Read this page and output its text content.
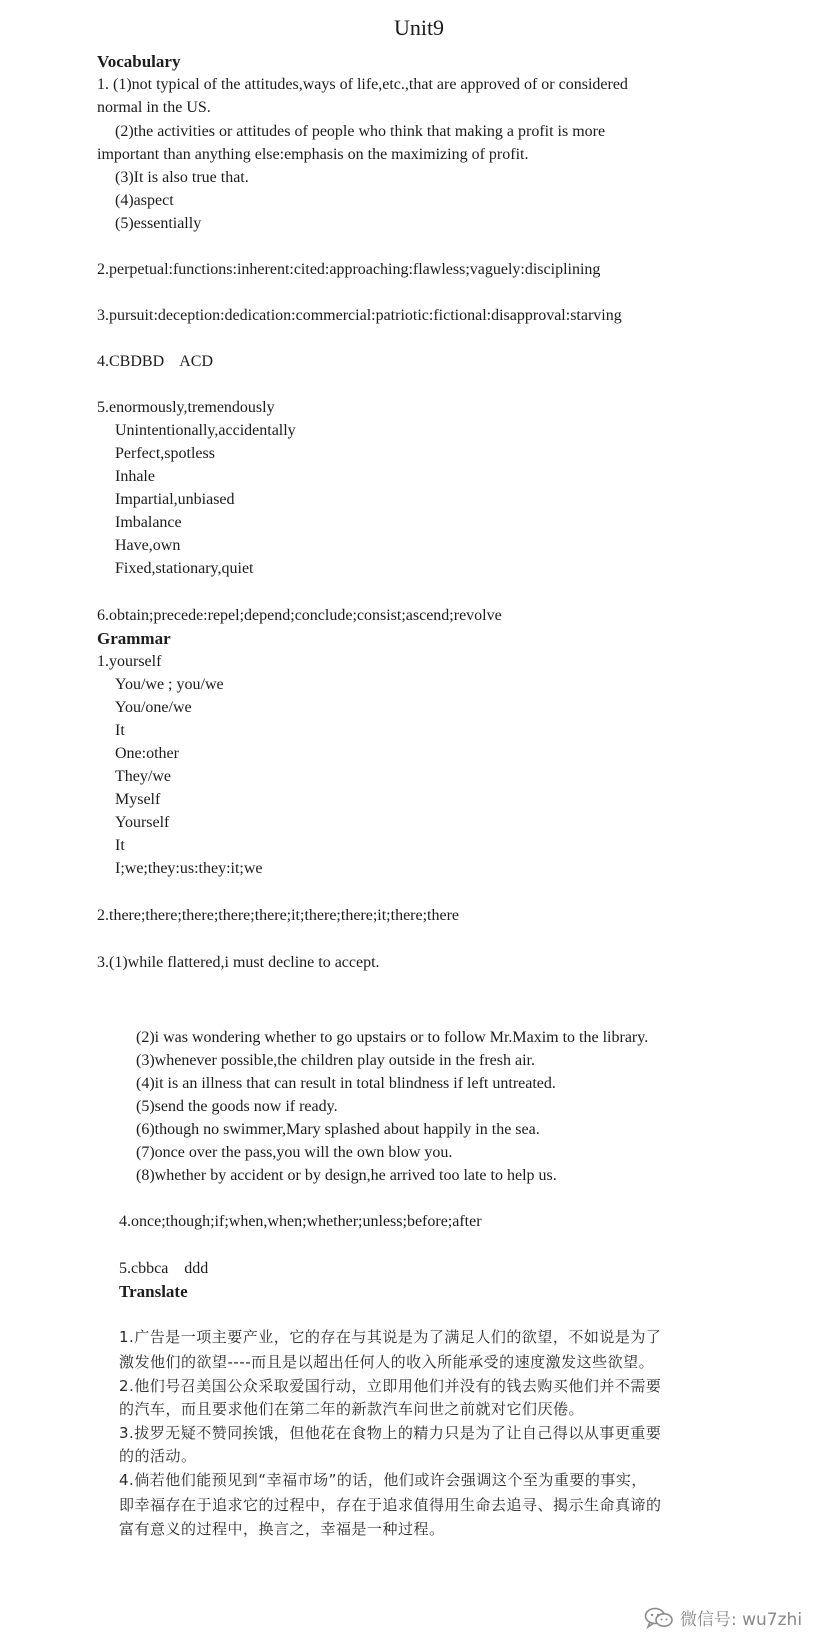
Unit9
Vocabulary
1. (1)not typical of the attitudes,ways of life,etc.,that are approved of or considered
normal in the US.
(2)the activities or attitudes of people who think that making a profit is more
important than anything else:emphasis on the maximizing of profit.
(3)It is also true that.
(4)aspect
(5)essentially
2.perpetual:functions:inherent:cited:approaching:flawless;vaguely:disciplining
3.pursuit:deception:dedication:commercial:patriotic:fictional:disapproval:starving
4.CBDBD    ACD
5.enormously,tremendously
Unintentionally,accidentally
Perfect,spotless
Inhale
Impartial,unbiased
Imbalance
Have,own
Fixed,stationary,quiet
6.obtain;precede:repel;depend;conclude;consist;ascend;revolve
Grammar
1.yourself
You/we ; you/we
You/one/we
It
One:other
They/we
Myself
Yourself
It
I;we;they:us:they:it;we
2.there;there;there;there;there;it;there;there;it;there;there
3.(1)while flattered,i must decline to accept.
(2)i was wondering whether to go upstairs or to follow Mr.Maxim to the library.
(3)whenever possible,the children play outside in the fresh air.
(4)it is an illness that can result in total blindness if left untreated.
(5)send the goods now if ready.
(6)though no swimmer,Mary splashed about happily in the sea.
(7)once over the pass,you will the own blow you.
(8)whether by accident or by design,he arrived too late to help us.
4.once;though;if;when,when;whether;unless;before;after
5.cbbca    ddd
Translate
1.广告是一项主要产业，它的存在与其说是为了满足人们的欲望，不如说是为了
激发他们的欲望----而且是以超出任何人的收入所能承受的速度激发这些欲望。
2.他们号召美国公众采取爱国行动，立即用他们并没有的钱去购买他们并不需要
的汽车，而且要求他们在第二年的新款汽车问世之前就对它们厌倦。
3.拔罗无疑不赞同挨饿，但他花在食物上的精力只是为了让自己得以从事更重要
的的活动。
4.倘若他们能预见到“幸福市场”的话，他们或许会强调这个至为重要的事实，
即幸福存在于追求它的过程中，存在于追求值得用生命去追寻、揭示生命真谛的
富有意义的过程中，换言之，幸福是一种过程。
微信号: wu7zhi
